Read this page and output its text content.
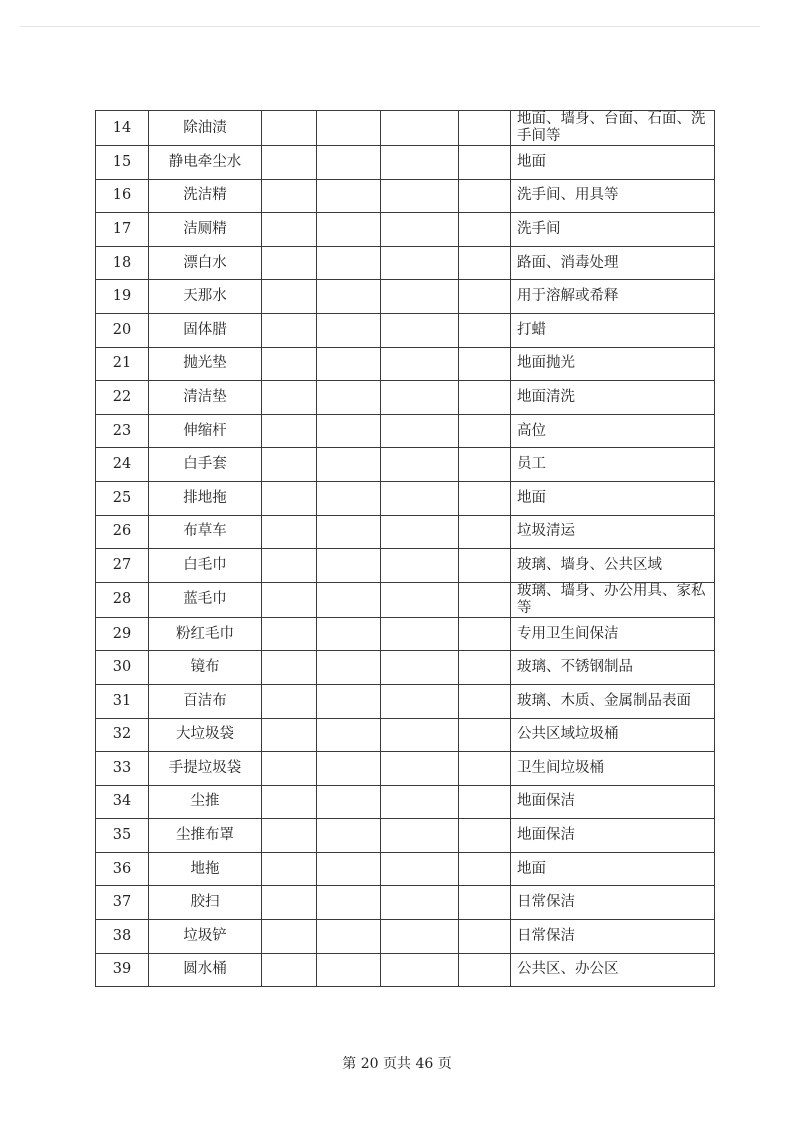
14	除油渍					地面、墙身、台面、石面、洗手间等
15	静电牵尘水					地面
16	洗洁精					洗手间、用具等
17	洁厕精					洗手间
18	漂白水					路面、消毒处理
19	天那水					用于溶解或希释
20	固体腊					打蜡
21	抛光垫					地面抛光
22	清洁垫					地面清洗
23	伸缩杆					高位
24	白手套					员工
25	排地拖					地面
26	布草车					垃圾清运
27	白毛巾					玻璃、墙身、公共区域
28	蓝毛巾					玻璃、墙身、办公用具、家私等
29	粉红毛巾					专用卫生间保洁
30	镜布					玻璃、不锈钢制品
31	百洁布					玻璃、木质、金属制品表面
32	大垃圾袋					公共区域垃圾桶
33	手提垃圾袋					卫生间垃圾桶
34	尘推					地面保洁
35	尘推布罩					地面保洁
36	地拖					地面
37	胶扫					日常保洁
38	垃圾铲					日常保洁
39	圆水桶					公共区、办公区
第 20 页共 46 页
